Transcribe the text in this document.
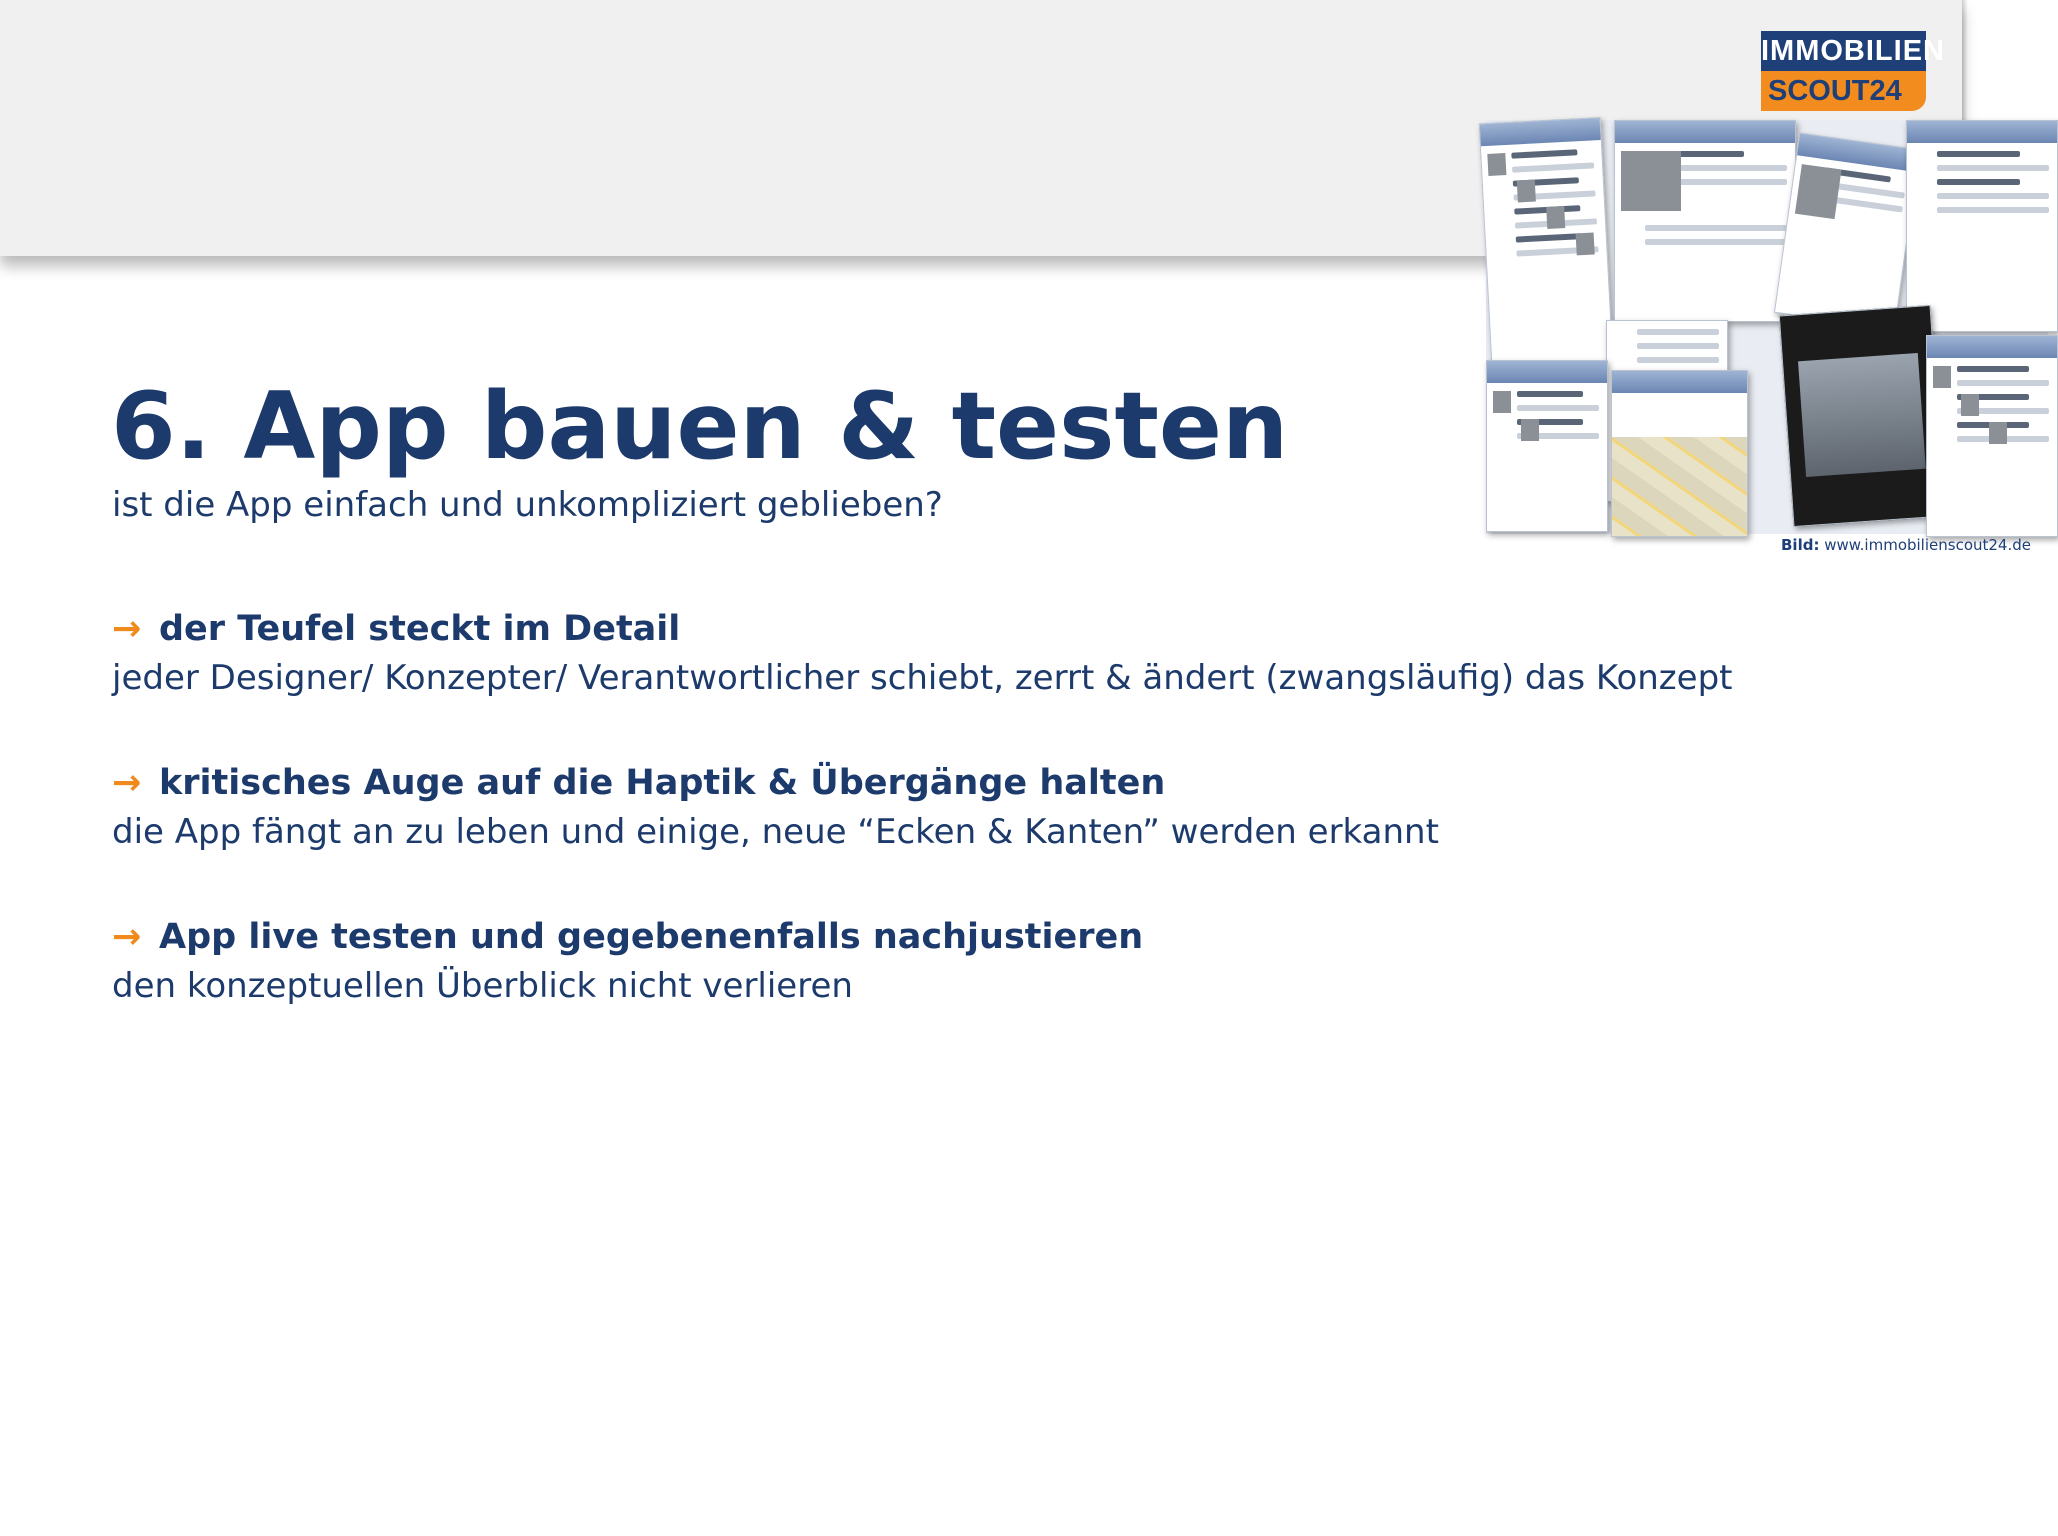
IMMOBILIEN
SCOUT24
Bild: www.immobilienscout24.de
6. App bauen & testen

ist die App einfach und unkompliziert geblieben?

→ der Teufel steckt im Detail
jeder Designer/ Konzepter/ Verantwortlicher schiebt, zerrt & ändert (zwangsläufig) das Konzept
→ kritisches Auge auf die Haptik & Übergänge halten
die App fängt an zu leben und einige, neue “Ecken & Kanten” werden erkannt
→ App live testen und gegebenenfalls nachjustieren
den konzeptuellen Überblick nicht verlieren
